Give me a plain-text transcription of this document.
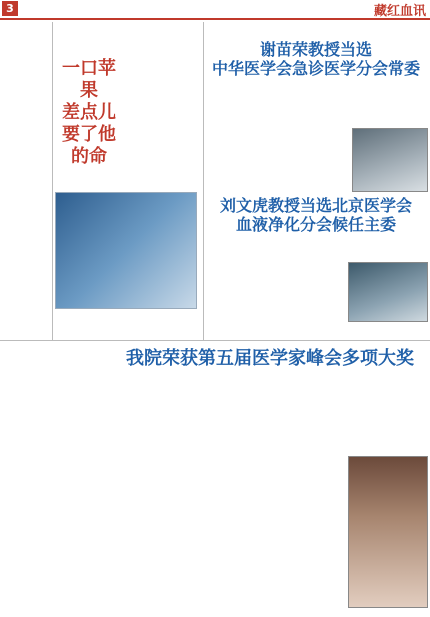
3	藏红血讯

一口苹果
差点儿
要了他的命

谢苗荣教授当选
中华医学会急诊医学分会常委

刘文虎教授当选北京医学会
血液净化分会候任主委

我院荣获第五届医学家峰会多项大奖
